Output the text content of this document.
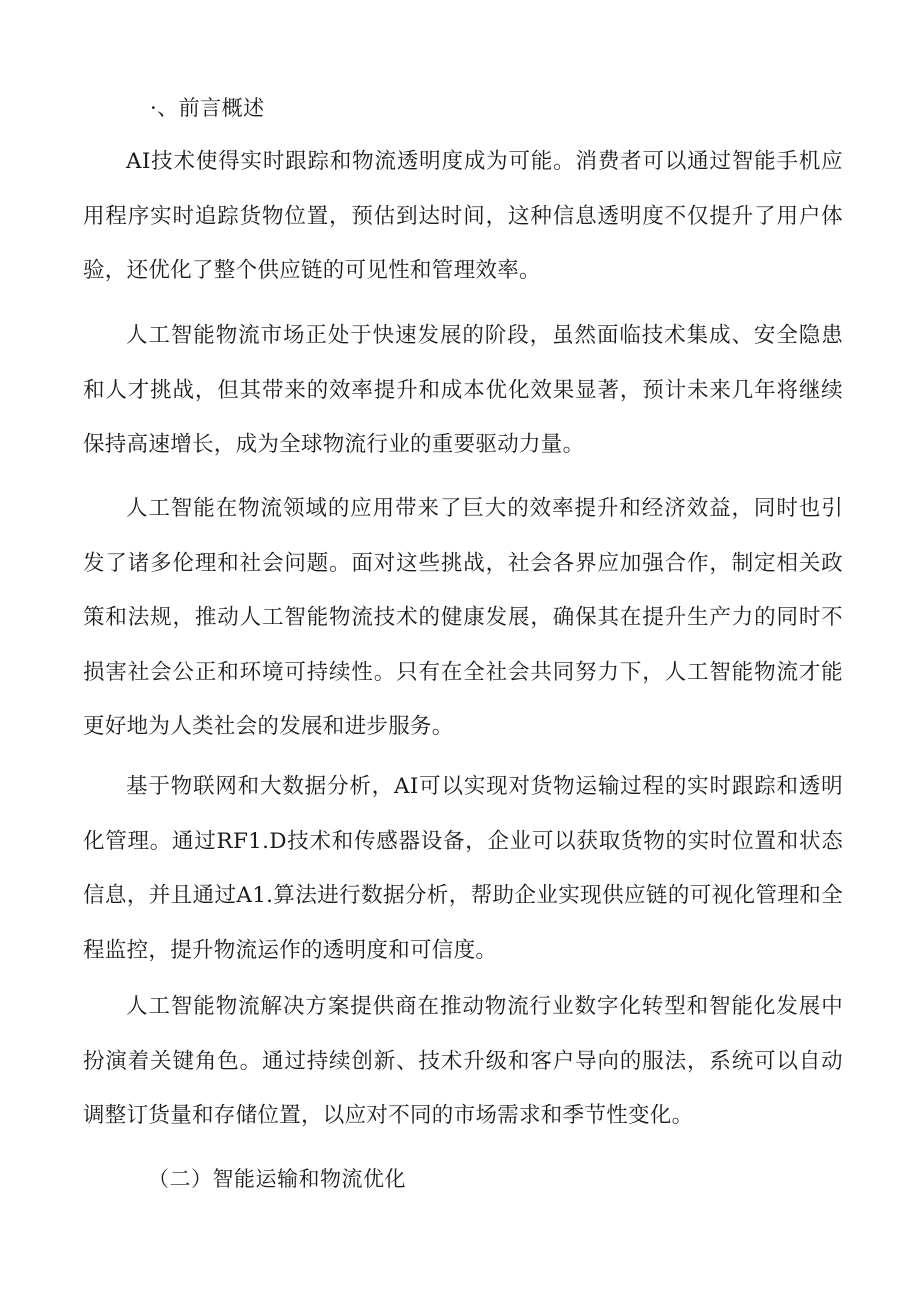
·、前言概述

AI技术使得实时跟踪和物流透明度成为可能。消费者可以通过智能手机应用程序实时追踪货物位置，预估到达时间，这种信息透明度不仅提升了用户体验，还优化了整个供应链的可见性和管理效率。

人工智能物流市场正处于快速发展的阶段，虽然面临技术集成、安全隐患和人才挑战，但其带来的效率提升和成本优化效果显著，预计未来几年将继续保持高速增长，成为全球物流行业的重要驱动力量。

人工智能在物流领域的应用带来了巨大的效率提升和经济效益，同时也引发了诸多伦理和社会问题。面对这些挑战，社会各界应加强合作，制定相关政策和法规，推动人工智能物流技术的健康发展，确保其在提升生产力的同时不损害社会公正和环境可持续性。只有在全社会共同努力下，人工智能物流才能更好地为人类社会的发展和进步服务。

基于物联网和大数据分析，AI可以实现对货物运输过程的实时跟踪和透明化管理。通过RF1.D技术和传感器设备，企业可以获取货物的实时位置和状态信息，并且通过A1.算法进行数据分析，帮助企业实现供应链的可视化管理和全程监控，提升物流运作的透明度和可信度。

人工智能物流解决方案提供商在推动物流行业数字化转型和智能化发展中扮演着关键角色。通过持续创新、技术升级和客户导向的服法，系统可以自动调整订货量和存储位置，以应对不同的市场需求和季节性变化。

（二）智能运输和物流优化
